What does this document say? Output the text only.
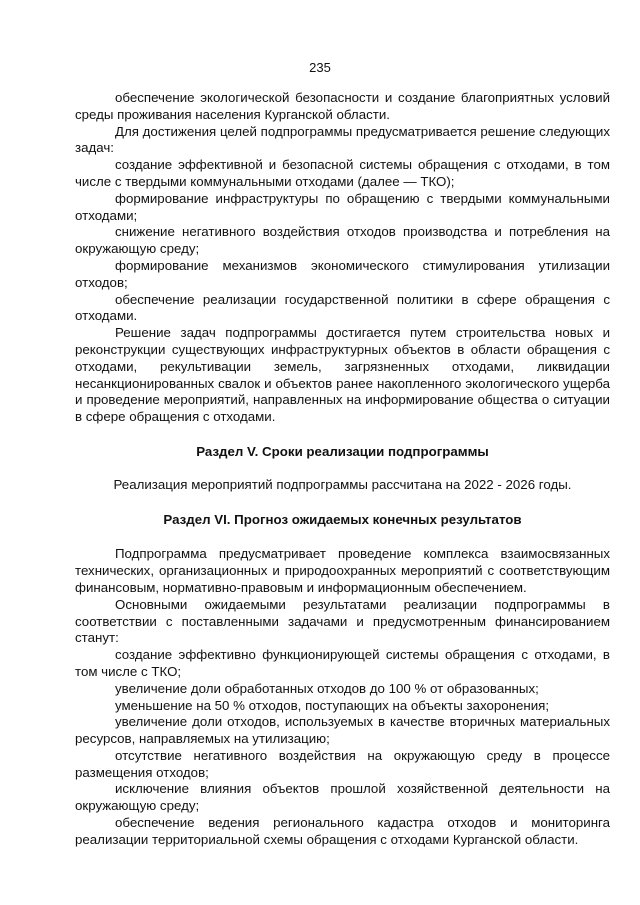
235

обеспечение экологической безопасности и создание благоприятных условий среды проживания населения Курганской области.

Для достижения целей подпрограммы предусматривается решение следующих задач:

создание эффективной и безопасной системы обращения с отходами, в том числе с твердыми коммунальными отходами (далее — ТКО);

формирование инфраструктуры по обращению с твердыми коммунальными отходами;

снижение негативного воздействия отходов производства и потребления на окружающую среду;

формирование механизмов экономического стимулирования утилизации отходов;

обеспечение реализации государственной политики в сфере обращения с отходами.

Решение задач подпрограммы достигается путем строительства новых и реконструкции существующих инфраструктурных объектов в области обращения с отходами, рекультивации земель, загрязненных отходами, ликвидации несанкционированных свалок и объектов ранее накопленного экологического ущерба и проведение мероприятий, направленных на информирование общества о ситуации в сфере обращения с отходами.

Раздел V. Сроки реализации подпрограммы

Реализация мероприятий подпрограммы рассчитана на 2022 - 2026 годы.

Раздел VI. Прогноз ожидаемых конечных результатов

Подпрограмма предусматривает проведение комплекса взаимосвязанных технических, организационных и природоохранных мероприятий с соответствующим финансовым, нормативно-правовым и информационным обеспечением.

Основными ожидаемыми результатами реализации подпрограммы в соответствии с поставленными задачами и предусмотренным финансированием станут:

создание эффективно функционирующей системы обращения с отходами, в том числе с ТКО;

увеличение доли обработанных отходов до 100 % от образованных;

уменьшение на 50 % отходов, поступающих на объекты захоронения;

увеличение доли отходов, используемых в качестве вторичных материальных ресурсов, направляемых на утилизацию;

отсутствие негативного воздействия на окружающую среду в процессе размещения отходов;

исключение влияния объектов прошлой хозяйственной деятельности на окружающую среду;

обеспечение ведения регионального кадастра отходов и мониторинга реализации территориальной схемы обращения с отходами Курганской области.
